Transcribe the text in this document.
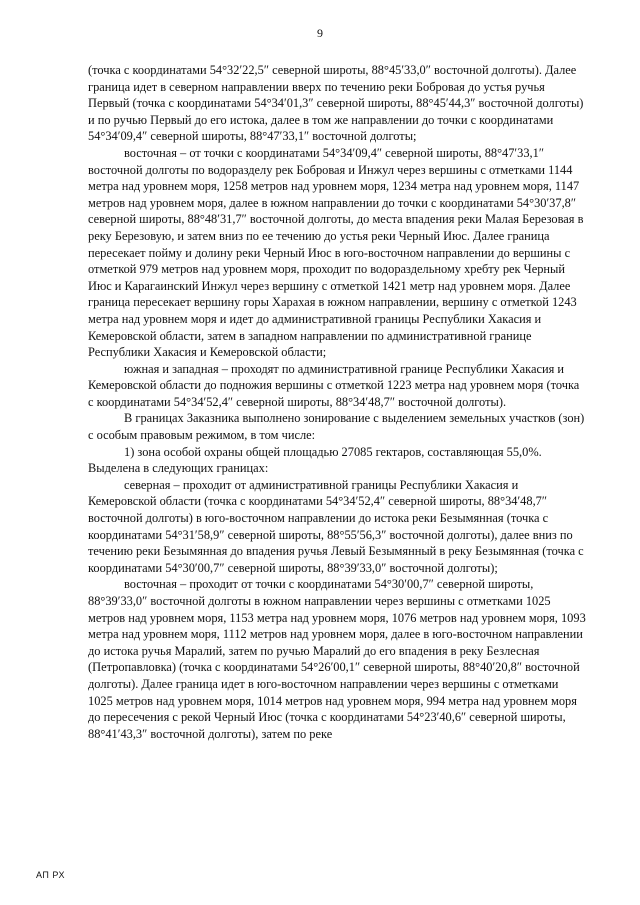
9

(точка с координатами 54°32′22,5″ северной широты, 88°45′33,0″ восточной долготы). Далее граница идет в северном направлении вверх по течению реки Бобровая до устья ручья Первый (точка с координатами 54°34′01,3″ северной широты, 88°45′44,3″ восточной долготы) и по ручью Первый до его истока, далее в том же направлении до точки с координатами 54°34′09,4″ северной широты, 88°47′33,1″ восточной долготы;

восточная – от точки с координатами 54°34′09,4″ северной широты, 88°47′33,1″ восточной долготы по водоразделу рек Бобровая и Инжул через вершины с отметками 1144 метра над уровнем моря, 1258 метров над уровнем моря, 1234 метра над уровнем моря, 1147 метров над уровнем моря, далее в южном направлении до точки с координатами 54°30′37,8″ северной широты, 88°48′31,7″ восточной долготы, до места впадения реки Малая Березовая в реку Березовую, и затем вниз по ее течению до устья реки Черный Июс. Далее граница пересекает пойму и долину реки Черный Июс в юго-восточном направлении до вершины с отметкой 979 метров над уровнем моря, проходит по водораздельному хребту рек Черный Июс и Карагаинский Инжул через вершину с отметкой 1421 метр над уровнем моря. Далее граница пересекает вершину горы Харахая в южном направлении, вершину с отметкой 1243 метра над уровнем моря и идет до административной границы Республики Хакасия и Кемеровской области, затем в западном направлении по административной границе Республики Хакасия и Кемеровской области;

южная и западная – проходят по административной границе Республики Хакасия и Кемеровской области до подножия вершины с отметкой 1223 метра над уровнем моря (точка с координатами 54°34′52,4″ северной широты, 88°34′48,7″ восточной долготы).

В границах Заказника выполнено зонирование с выделением земельных участков (зон) с особым правовым режимом, в том числе:

1) зона особой охраны общей площадью 27085 гектаров, составляющая 55,0%. Выделена в следующих границах:

северная – проходит от административной границы Республики Хакасия и Кемеровской области (точка с координатами 54°34′52,4″ северной широты, 88°34′48,7″ восточной долготы) в юго-восточном направлении до истока реки Безымянная (точка с координатами 54°31′58,9″ северной широты, 88°55′56,3″ восточной долготы), далее вниз по течению реки Безымянная до впадения ручья Левый Безымянный в реку Безымянная (точка с координатами 54°30′00,7″ северной широты, 88°39′33,0″ восточной долготы);

восточная – проходит от точки с координатами 54°30′00,7″ северной широты, 88°39′33,0″ восточной долготы в южном направлении через вершины с отметками 1025 метров над уровнем моря, 1153 метра над уровнем моря, 1076 метров над уровнем моря, 1093 метра над уровнем моря, 1112 метров над уровнем моря, далее в юго-восточном направлении до истока ручья Маралий, затем по ручью Маралий до его впадения в реку Безлесная (Петропавловка) (точка с координатами 54°26′00,1″ северной широты, 88°40′20,8″ восточной долготы). Далее граница идет в юго-восточном направлении через вершины с отметками 1025 метров над уровнем моря, 1014 метров над уровнем моря, 994 метра над уровнем моря до пересечения с рекой Черный Июс (точка с координатами 54°23′40,6″ северной широты, 88°41′43,3″ восточной долготы), затем по реке

АП РХ
